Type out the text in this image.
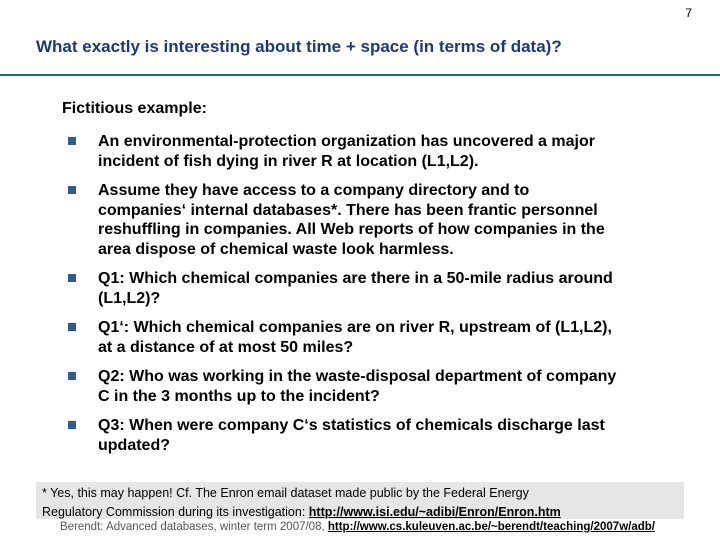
7
What exactly is interesting about time + space (in terms of data)?
Fictitious example:
An environmental-protection organization has uncovered a major
incident of fish dying in river R at location (L1,L2).
Assume they have access to a company directory and to
companies‘ internal databases*. There has been frantic personnel
reshuffling in companies. All Web reports of how companies in the
area dispose of chemical waste look harmless.
Q1: Which chemical companies are there in a 50-mile radius around
(L1,L2)?
Q1‘: Which chemical companies are on river R, upstream of (L1,L2),
at a distance of at most 50 miles?
Q2: Who was working in the waste-disposal department of company
C in the 3 months up to the incident?
Q3: When were company C‘s statistics of chemicals discharge last
updated?
* Yes, this may happen! Cf. The Enron email dataset made public by the Federal Energy
Regulatory Commission during its investigation: http://www.isi.edu/~adibi/Enron/Enron.htm
Berendt: Advanced databases, winter term 2007/08, http://www.cs.kuleuven.ac.be/~berendt/teaching/2007w/adb/
